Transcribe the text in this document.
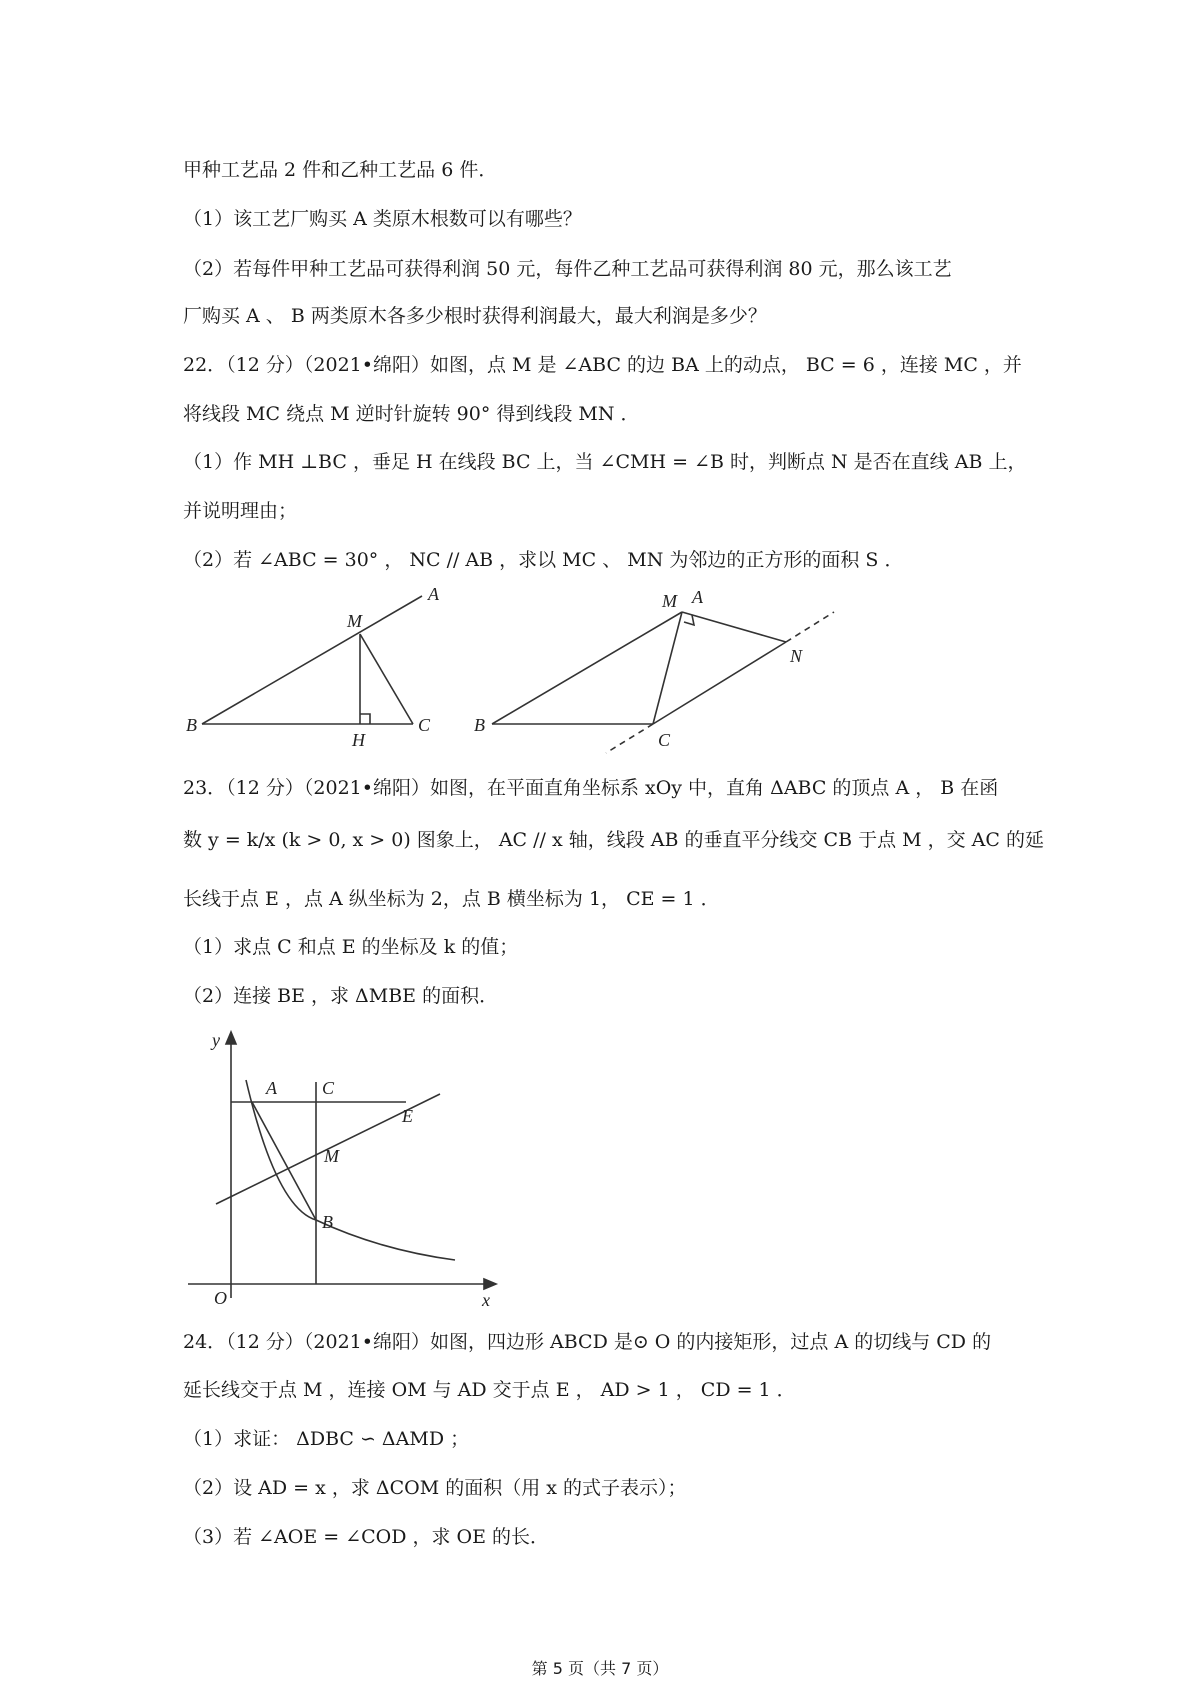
甲种工艺品 2 件和乙种工艺品 6 件．
（1）该工艺厂购买 A 类原木根数可以有哪些？
（2）若每件甲种工艺品可获得利润 50 元，每件乙种工艺品可获得利润 80 元，那么该工艺
厂购买 A 、 B 两类原木各多少根时获得利润最大，最大利润是多少？
22．（12 分）（2021•绵阳）如图，点 M 是 ∠ABC 的边 BA 上的动点， BC = 6 ，连接 MC ，并
将线段 MC 绕点 M 逆时针旋转 90° 得到线段 MN ．
（1）作 MH ⊥BC ，垂足 H 在线段 BC 上，当 ∠CMH = ∠B 时，判断点 N 是否在直线 AB 上，
并说明理由；
（2）若 ∠ABC = 30° ， NC // AB ，求以 MC 、 MN 为邻边的正方形的面积 S ．
A
M
B
H
C
M A
N
B
C
23．（12 分）（2021•绵阳）如图，在平面直角坐标系 xOy 中，直角 ΔABC 的顶点 A ， B 在函
数 y = k/x (k > 0, x > 0) 图象上， AC // x 轴，线段 AB 的垂直平分线交 CB 于点 M ，交 AC 的延
长线于点 E ，点 A 纵坐标为 2，点 B 横坐标为 1， CE = 1 ．
（1）求点 C 和点 E 的坐标及 k 的值；
（2）连接 BE ，求 ΔMBE 的面积．
y
A	C
E
M
B
O	x
24．（12 分）（2021•绵阳）如图，四边形 ABCD 是⊙ O 的内接矩形，过点 A 的切线与 CD 的
延长线交于点 M ，连接 OM 与 AD 交于点 E ， AD > 1 ， CD = 1 ．
（1）求证： ΔDBC ∽ ΔAMD ；
（2）设 AD = x ，求 ΔCOM 的面积（用 x 的式子表示）；
（3）若 ∠AOE = ∠COD ，求 OE 的长．
第 5 页（共 7 页）
